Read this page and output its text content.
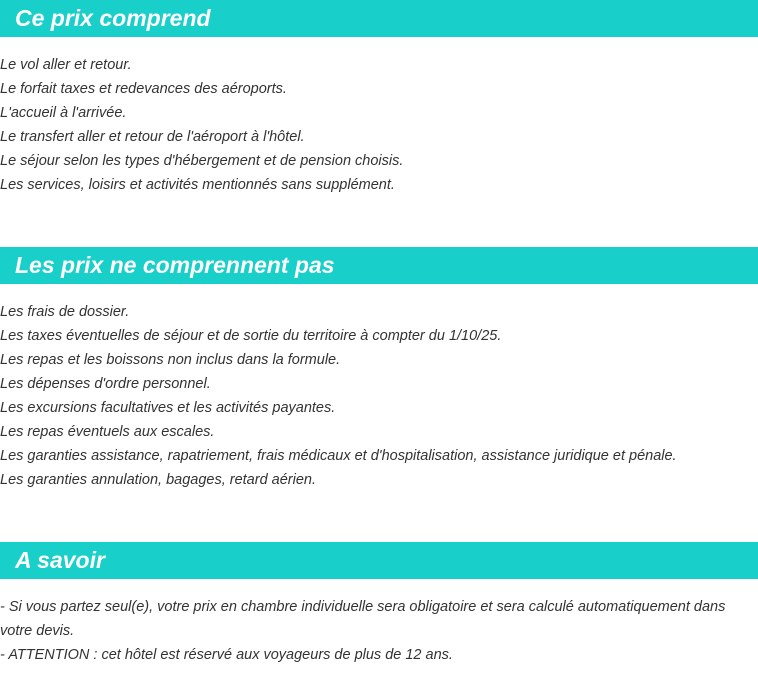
Ce prix comprend
Le vol aller et retour.
Le forfait taxes et redevances des aéroports.
L'accueil à l'arrivée.
Le transfert aller et retour de l'aéroport à l'hôtel.
Le séjour selon les types d'hébergement et de pension choisis.
Les services, loisirs et activités mentionnés sans supplément.
Les prix ne comprennent pas
Les frais de dossier.
Les taxes éventuelles de séjour et de sortie du territoire à compter du 1/10/25.
Les repas et les boissons non inclus dans la formule.
Les dépenses d'ordre personnel.
Les excursions facultatives et les activités payantes.
Les repas éventuels aux escales.
Les garanties assistance, rapatriement, frais médicaux et d'hospitalisation, assistance juridique et pénale.
Les garanties annulation, bagages, retard aérien.
A savoir
- Si vous partez seul(e), votre prix en chambre individuelle sera obligatoire et sera calculé automatiquement dans votre devis.
- ATTENTION : cet hôtel est réservé aux voyageurs de plus de 12 ans.
